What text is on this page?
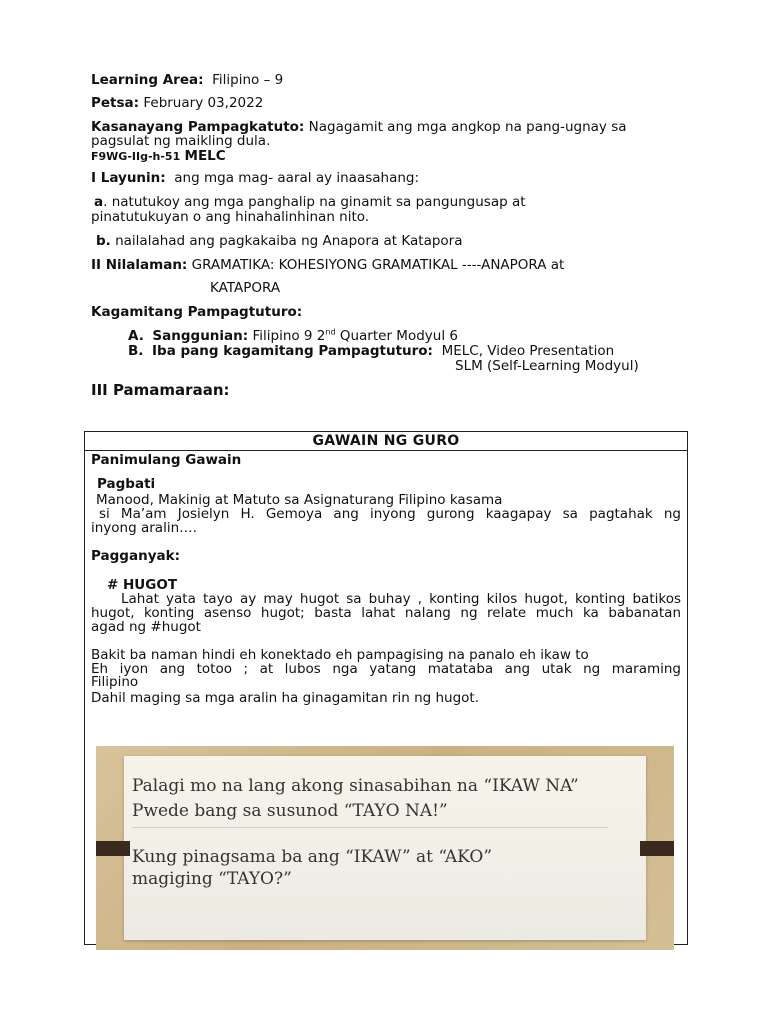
Learning Area: Filipino – 9
Petsa: February 03,2022
Kasanayang Pampagkatuto: Nagagamit ang mga angkop na pang-ugnay sa
pagsulat ng maikling dula.
F9WG-IIg-h-51 MELC
I Layunin: ang mga mag- aaral ay inaasahang:
a. natutukoy ang mga panghalip na ginamit sa pangungusap at
pinatutukuyan o ang hinahalinhinan nito.
b. nailalahad ang pagkakaiba ng Anapora at Katapora
II Nilalaman: GRAMATIKA: KOHESIYONG GRAMATIKAL ----ANAPORA at
KATAPORA
Kagamitang Pampagtuturo:
A. Sanggunian: Filipino 9 2nd Quarter Modyul 6
B. Iba pang kagamitang Pampagtuturo: MELC, Video Presentation
SLM (Self-Learning Modyul)
III Pamamaraan:
GAWAIN NG GURO
Panimulang Gawain
Pagbati
Manood, Makinig at Matuto sa Asignaturang Filipino kasama
si Ma’am Josielyn H. Gemoya ang inyong gurong kaagapay sa pagtahak ng
inyong aralin….
Pagganyak:
# HUGOT
Lahat yata tayo ay may hugot sa buhay , konting kilos hugot, konting batikos
hugot, konting asenso hugot; basta lahat nalang ng relate much ka babanatan
agad ng #hugot
Bakit ba naman hindi eh konektado eh pampagising na panalo eh ikaw to
Eh iyon ang totoo ; at lubos nga yatang matataba ang utak ng maraming
Filipino
Dahil maging sa mga aralin ha ginagamitan rin ng hugot.
Palagi mo na lang akong sinasabihan na “IKAW NA”
Pwede bang sa susunod “TAYO NA!”
Kung pinagsama ba ang “IKAW” at “AKO”
magiging “TAYO?”
